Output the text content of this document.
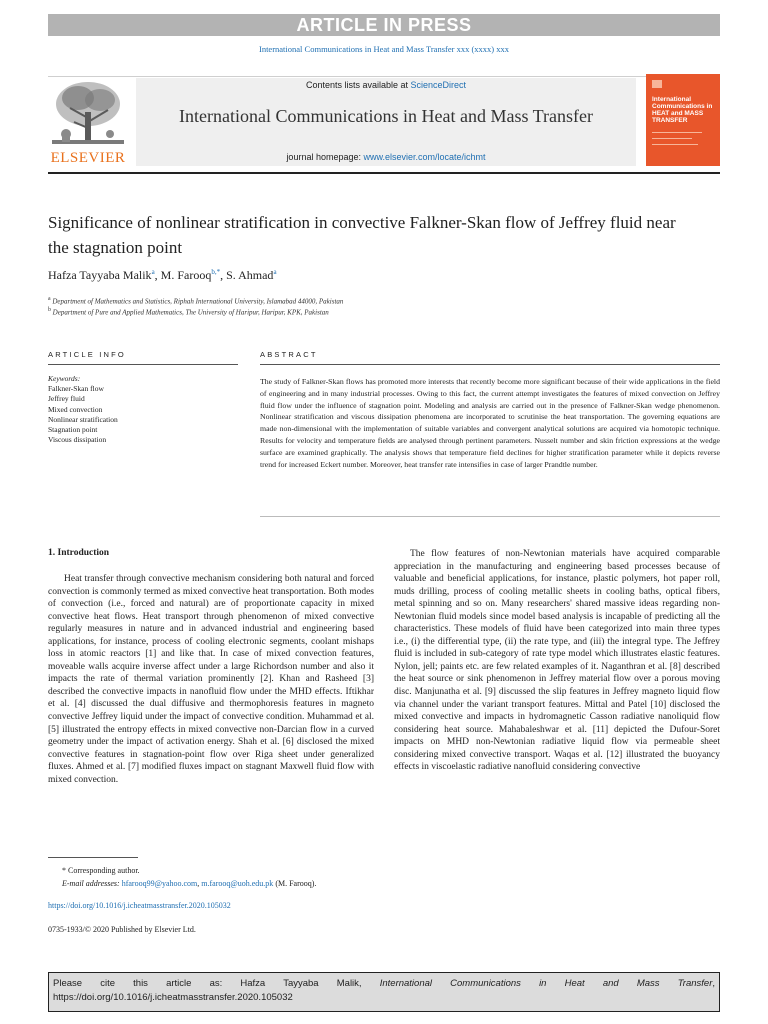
ARTICLE IN PRESS
International Communications in Heat and Mass Transfer xxx (xxxx) xxx
ELSEVIER
Contents lists available at ScienceDirect
International Communications in Heat and Mass Transfer
journal homepage: www.elsevier.com/locate/ichmt
International Communications in HEAT and MASS TRANSFER
Significance of nonlinear stratification in convective Falkner-Skan flow of Jeffrey fluid near the stagnation point
Hafza Tayyaba Malik$^a$, M. Farooq$^{b,*}$, S. Ahmad$^a$
$^a$ Department of Mathematics and Statistics, Riphah International University, Islamabad 44000, Pakistan
$^b$ Department of Pure and Applied Mathematics, The University of Haripur, Haripur, KPK, Pakistan
ARTICLE INFO	ABSTRACT
Keywords:
Falkner-Skan flow
Jeffrey fluid
Mixed convection
Nonlinear stratification
Stagnation point
Viscous dissipation
The study of Falkner-Skan flows has promoted more interests that recently become more significant because of their wide applications in the field of engineering and in many industrial processes. Owing to this fact, the current attempt investigates the features of mixed convection on Jeffrey fluid flow under the influence of stagnation point. Modeling and analysis are carried out in the presence of Falkner-Skan wedge phenomenon. Nonlinear stratification and viscous dissipation phenomena are incorporated to scrutinise the heat transportation. The governing equations are made non-dimensional with the implementation of suitable variables and convergent analytical solutions are acquired via homotopic technique. Results for velocity and temperature fields are analysed through pertinent parameters. Nusselt number and skin friction expressions at the wedge surface are examined graphically. The analysis shows that temperature field declines for higher stratification parameter while it depicts reverse trend for increased Eckert number. Moreover, heat transfer rate intensifies in case of larger Prandtle number.
1. Introduction
Heat transfer through convective mechanism considering both natural and forced convection is commonly termed as mixed convective heat transportation. Both modes of convection (i.e., forced and natural) are of proportionate capacity in mixed convective heat flows. Heat transport through phenomenon of mixed convective regularly measures in nature and in advanced industrial and engineering based applications, for instance, process of cooling electronic segments, coolant mishaps loss in atomic reactors [1] and like that. In case of mixed convection features, moveable walls acquire inverse affect under a large Richordson number and also it impacts the rate of thermal variation prominently [2]. Khan and Rasheed [3] described the convective impacts in nanofluid flow under the MHD effects. Iftikhar et al. [4] discussed the dual diffusive and thermophoresis features in magneto convective Jeffrey liquid under the impact of convective condition. Muhammad et al. [5] illustrated the entropy effects in mixed convective non-Darcian flow in a curved geometry under the impact of activation energy. Shah et al. [6] disclosed the mixed convective features in stagnation-point flow over Riga sheet under generalized fluxes. Ahmed et al. [7] modified fluxes impact on stagnant Maxwell fluid flow with mixed convection.
The flow features of non-Newtonian materials have acquired comparable appreciation in the manufacturing and engineering based processes because of valuable and beneficial applications, for instance, plastic polymers, hot paper roll, muds drilling, process of cooling metallic sheets in cooling baths, optical fibers, metal spinning and so on. Many researchers' shared massive ideas regarding non-Newtonian fluid models since model based analysis is incapable of predicting all the characteristics. These models of fluid have been categorized into main three types i.e., (i) the differential type, (ii) the rate type, and (iii) the integral type. The Jeffrey fluid is included in sub-category of rate type model which illustrates elastic features. Nylon, jell; paints etc. are few related examples of it. Naganthran et al. [8] described the heat source or sink phenomenon in Jeffrey material flow over a porous moving disc. Manjunatha et al. [9] discussed the slip features in Jeffrey magneto liquid flow via channel under the variant transport features. Mittal and Patel [10] disclosed the mixed convective and impacts in hydromagnetic Casson radiative nanoliquid flow considering heat source. Mahabaleshwar et al. [11] depicted the Dufour-Soret impacts on MHD non-Newtonian radiative liquid flow via permeable sheet considering mixed convective transport. Waqas et al. [12] illustrated the buoyancy effects in viscoelastic radiative nanofluid considering convective
* Corresponding author.
E-mail addresses: hfarooq99@yahoo.com, m.farooq@uoh.edu.pk (M. Farooq).
https://doi.org/10.1016/j.icheatmasstransfer.2020.105032
0735-1933/© 2020 Published by Elsevier Ltd.
Please cite this article as: Hafza Tayyaba Malik, International Communications in Heat and Mass Transfer,
https://doi.org/10.1016/j.icheatmasstransfer.2020.105032
